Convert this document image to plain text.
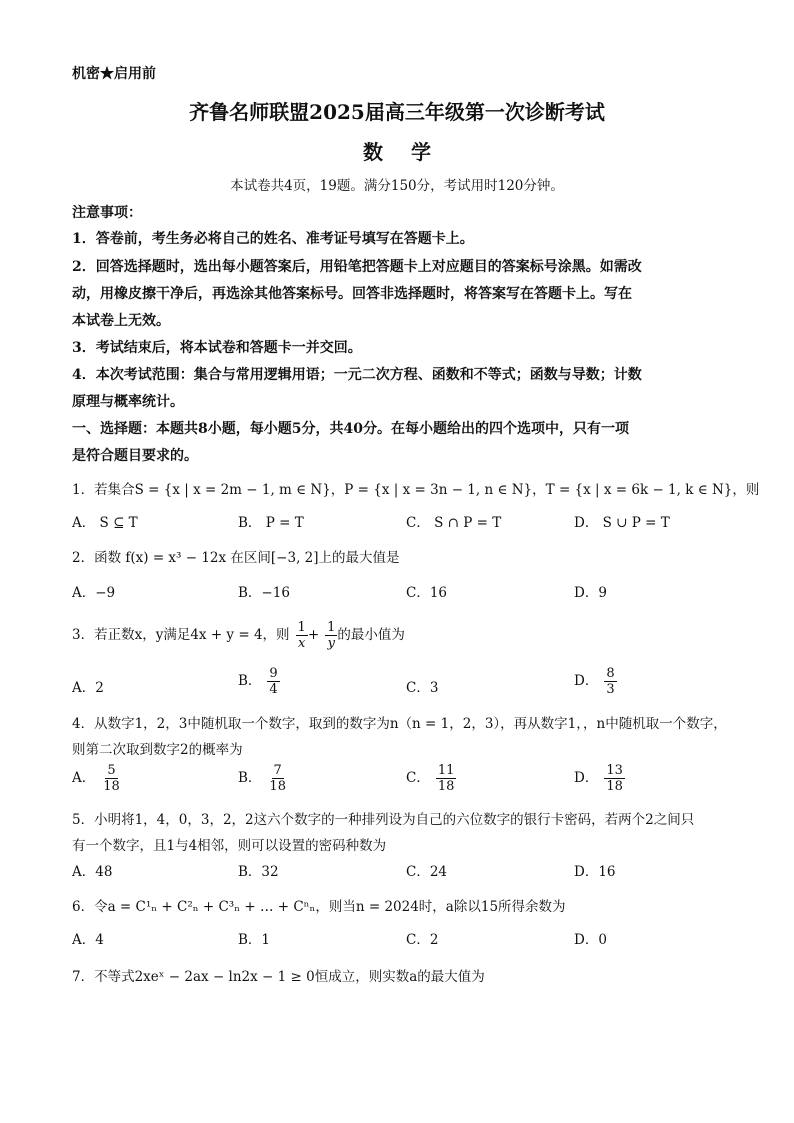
机密★启用前
齐鲁名师联盟2025届高三年级第一次诊断考试
数学
本试卷共4页，19题。满分150分，考试用时120分钟。
注意事项：
1．答卷前，考生务必将自己的姓名、准考证号填写在答题卡上。
2．回答选择题时，选出每小题答案后，用铅笔把答题卡上对应题目的答案标号涂黑。如需改
动，用橡皮擦干净后，再选涂其他答案标号。回答非选择题时，将答案写在答题卡上。写在
本试卷上无效。
3．考试结束后，将本试卷和答题卡一并交回。
4．本次考试范围：集合与常用逻辑用语；一元二次方程、函数和不等式；函数与导数；计数
原理与概率统计。
一、选择题：本题共8小题，每小题5分，共40分。在每小题给出的四个选项中，只有一项
是符合题目要求的。
1．若集合S = {x | x = 2m − 1, m ∈ N}，P = {x | x = 3n − 1, n ∈ N}，T = {x | x = 6k − 1, k ∈ N}，则
A． S ⊆ T	B． P = T	C． S ∩ P = T	D． S ∪ P = T
2．函数 f(x) = x³ − 12x 在区间[−3, 2]上的最大值是
A．−9	B．−16	C．16	D．9
3．若正数x，y满足4x + y = 4，则 $\frac{1}{x} + \frac{1}{y}$ 的最小值为
A．2	B． $\frac{9}{4}$	C．3	D． $\frac{8}{3}$
4．从数字1，2，3中随机取一个数字，取到的数字为n（n = 1，2，3），再从数字1，，n中随机取一个数字，
则第二次取到数字2的概率为
A． $\frac{5}{18}$	B． $\frac{7}{18}$	C． $\frac{11}{18}$	D． $\frac{13}{18}$
5．小明将1，4，0，3，2，2这六个数字的一种排列设为自己的六位数字的银行卡密码，若两个2之间只
有一个数字，且1与4相邻，则可以设置的密码种数为
A．48	B．32	C．24	D．16
6．令a = C¹ₙ + C²ₙ + C³ₙ + … + Cⁿₙ，则当n = 2024时，a除以15所得余数为
A．4	B．1	C．2	D．0
7．不等式2xeˣ − 2ax − ln2x − 1 ≥ 0恒成立，则实数a的最大值为
